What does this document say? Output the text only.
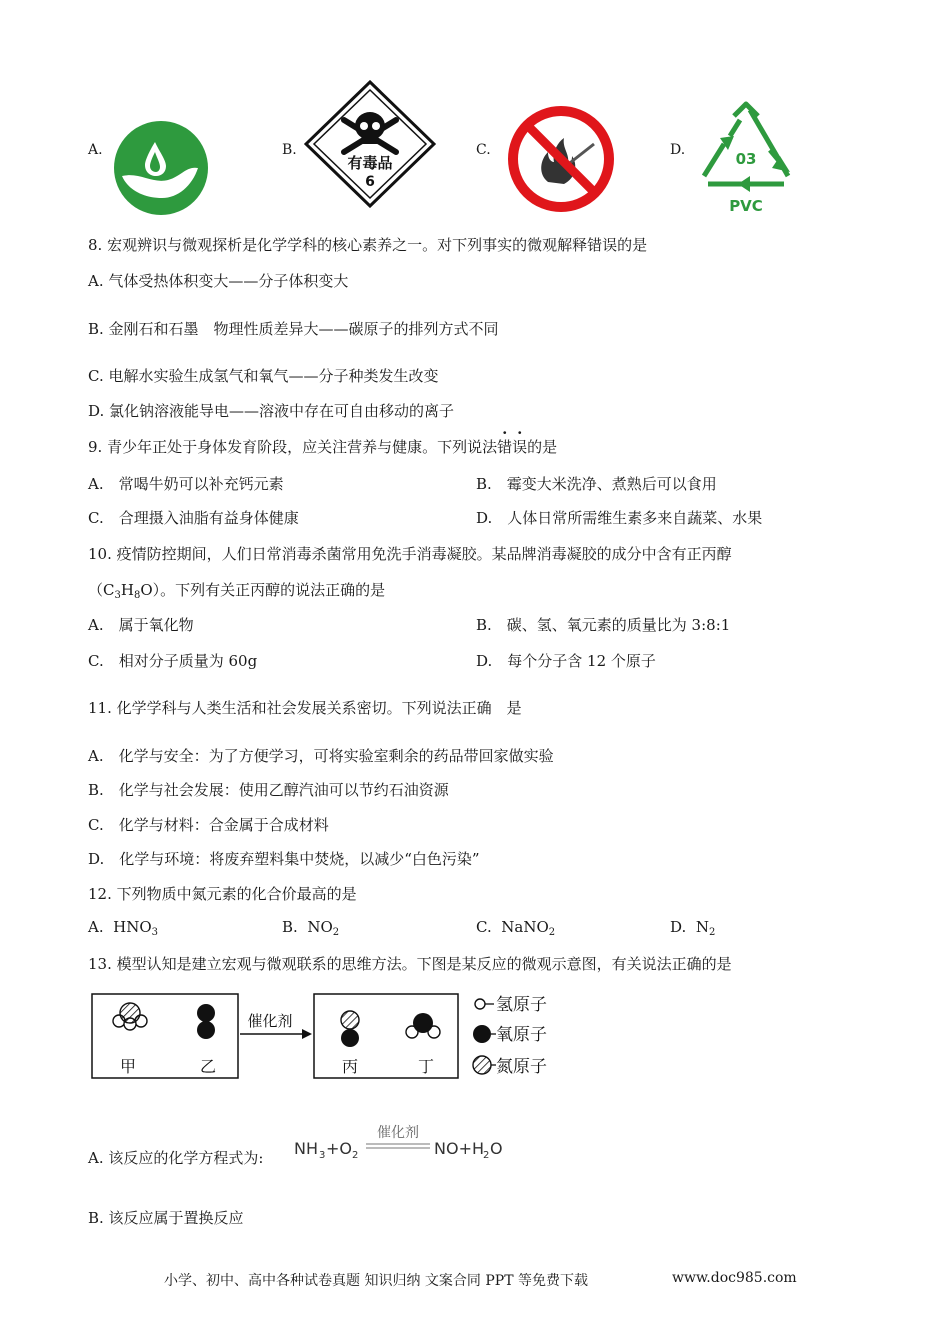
A.	B.
有毒品
6
C.	D.	03
PVC
8. 宏观辨识与微观探析是化学学科的核心素养之一。对下列事实的微观解释错误的是
A. 气体受热体积变大——分子体积变大
B. 金刚石和石墨　物理性质差异大——碳原子的排列方式不同
C. 电解水实验生成氢气和氧气——分子种类发生改变
D. 氯化钠溶液能导电——溶液中存在可自由移动的离子
9. 青少年正处于身体发育阶段，应关注营养与健康。下列说法错误的是
A.　常喝牛奶可以补充钙元素	B.　霉变大米洗净、煮熟后可以食用
C.　合理摄入油脂有益身体健康	D.　人体日常所需维生素多来自蔬菜、水果
10. 疫情防控期间，人们日常消毒杀菌常用免洗手消毒凝胶。某品牌消毒凝胶的成分中含有正丙醇
$(C_3H_8O)$。下列有关正丙醇的说法正确的是
A.　属于氧化物	B.　碳、氢、氧元素的质量比为 3:8:1
C.　相对分子质量为 60g	D.　每个分子含 12 个原子
11. 化学学科与人类生活和社会发展关系密切。下列说法正确　是
A.　化学与安全：为了方便学习，可将实验室剩余的药品带回家做实验
B.　化学与社会发展：使用乙醇汽油可以节约石油资源
C.　化学与材料：合金属于合成材料
D.　化学与环境：将废弃塑料集中焚烧，以减少“白色污染”
12. 下列物质中氮元素的化合价最高的是
A. $HNO_3$	B. $NO_2$	C. NaNO$_2$	D. $N_2$
13. 模型认知是建立宏观与微观联系的思维方法。下图是某反应的微观示意图，有关说法正确的是
甲	乙
催化剂
丙	丁
氢原子
氧原子
氮原子
A. 该反应的化学方程式为: NH 3 +O 2
催化剂
NO+H 2 O
B. 该反应属于置换反应
小学、初中、高中各种试卷真题 知识归纳 文案合同 PPT 等免费下载	www.doc985.com
